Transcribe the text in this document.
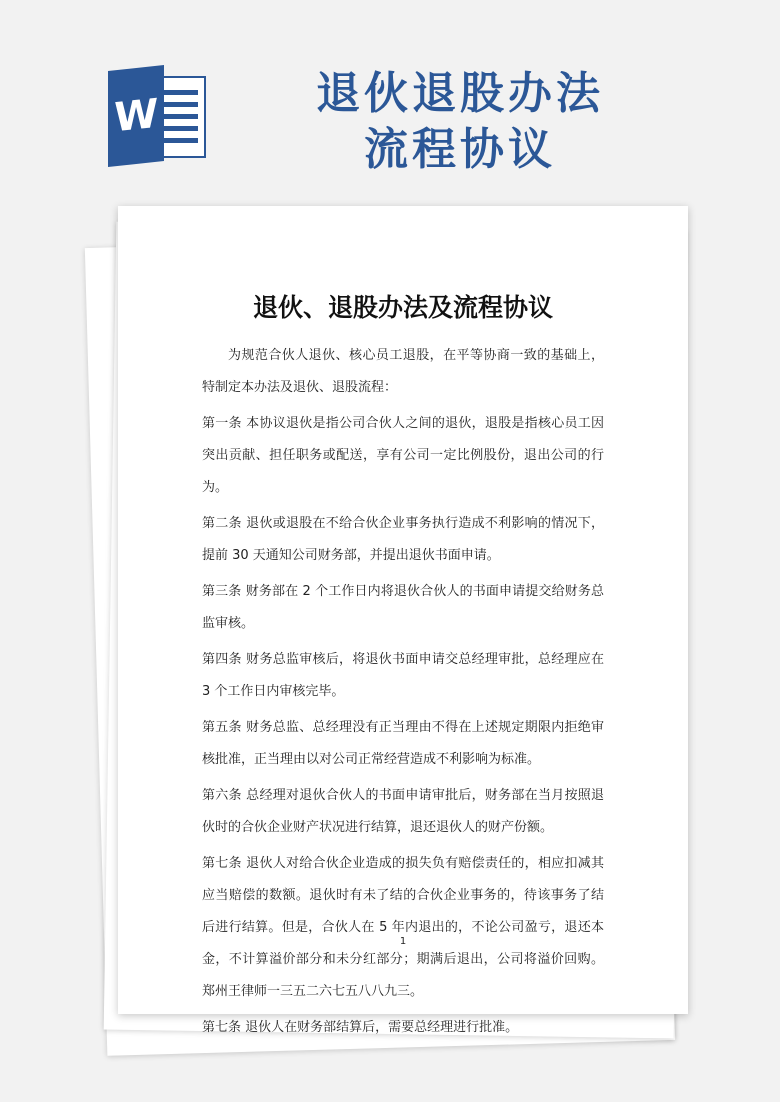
W	退伙退股办法
流程协议
退伙、退股办法及流程协议

为规范合伙人退伙、核心员工退股，在平等协商一致的基础上，特制定本办法及退伙、退股流程：

第一条 本协议退伙是指公司合伙人之间的退伙，退股是指核心员工因突出贡献、担任职务或配送，享有公司一定比例股份，退出公司的行为。

第二条 退伙或退股在不给合伙企业事务执行造成不利影响的情况下，提前 30 天通知公司财务部，并提出退伙书面申请。

第三条 财务部在 2 个工作日内将退伙合伙人的书面申请提交给财务总监审核。

第四条 财务总监审核后，将退伙书面申请交总经理审批，总经理应在 3 个工作日内审核完毕。

第五条 财务总监、总经理没有正当理由不得在上述规定期限内拒绝审核批准，正当理由以对公司正常经营造成不利影响为标准。

第六条 总经理对退伙合伙人的书面申请审批后，财务部在当月按照退伙时的合伙企业财产状况进行结算，退还退伙人的财产份额。

第七条 退伙人对给合伙企业造成的损失负有赔偿责任的，相应扣减其应当赔偿的数额。退伙时有未了结的合伙企业事务的，待该事务了结后进行结算。但是，合伙人在 5 年内退出的，不论公司盈亏，退还本金，不计算溢价部分和未分红部分；期满后退出，公司将溢价回购。郑州王律师一三五二六七五八八九三。

第七条 退伙人在财务部结算后，需要总经理进行批准。

1
